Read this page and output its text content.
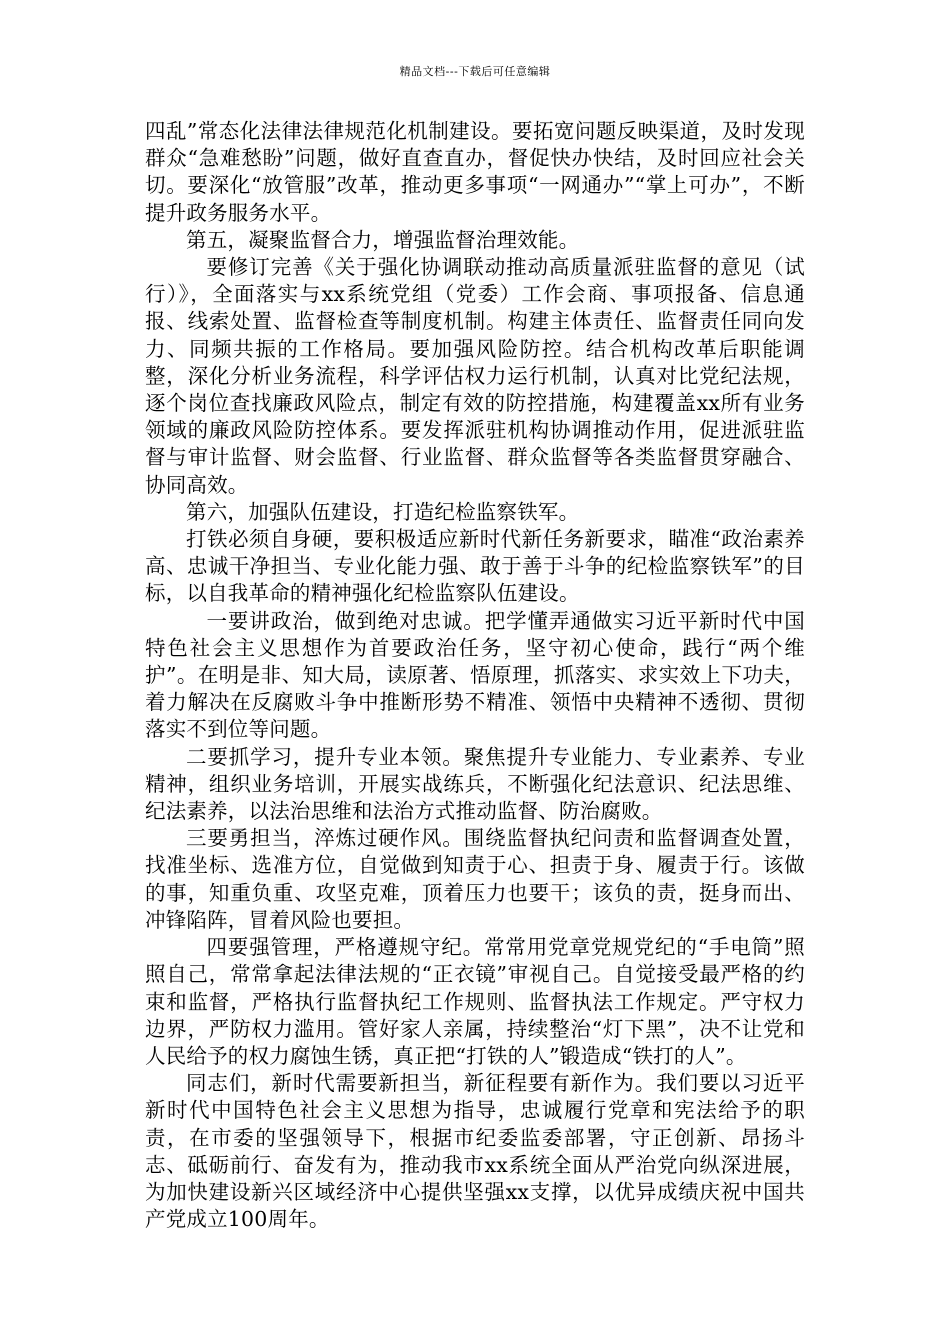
精品文档---下载后可任意编辑

四乱”常态化法律法律规范化机制建设。要拓宽问题反映渠道，及时发现群众“急难愁盼”问题，做好直查直办，督促快办快结，及时回应社会关切。要深化“放管服”改革，推动更多事项“一网通办”“掌上可办”，不断提升政务服务水平。

第五，凝聚监督合力，增强监督治理效能。

要修订完善《关于强化协调联动推动高质量派驻监督的意见（试行）》，全面落实与xx系统党组（党委）工作会商、事项报备、信息通报、线索处置、监督检查等制度机制。构建主体责任、监督责任同向发力、同频共振的工作格局。要加强风险防控。结合机构改革后职能调整，深化分析业务流程，科学评估权力运行机制，认真对比党纪法规，逐个岗位查找廉政风险点，制定有效的防控措施，构建覆盖xx所有业务领域的廉政风险防控体系。要发挥派驻机构协调推动作用，促进派驻监督与审计监督、财会监督、行业监督、群众监督等各类监督贯穿融合、协同高效。

第六，加强队伍建设，打造纪检监察铁军。

打铁必须自身硬，要积极适应新时代新任务新要求，瞄准“政治素养高、忠诚干净担当、专业化能力强、敢于善于斗争的纪检监察铁军”的目标，以自我革命的精神强化纪检监察队伍建设。

一要讲政治，做到绝对忠诚。把学懂弄通做实习近平新时代中国特色社会主义思想作为首要政治任务，坚守初心使命，践行“两个维护”。在明是非、知大局，读原著、悟原理，抓落实、求实效上下功夫，着力解决在反腐败斗争中推断形势不精准、领悟中央精神不透彻、贯彻落实不到位等问题。

二要抓学习，提升专业本领。聚焦提升专业能力、专业素养、专业精神，组织业务培训，开展实战练兵，不断强化纪法意识、纪法思维、纪法素养，以法治思维和法治方式推动监督、防治腐败。

三要勇担当，淬炼过硬作风。围绕监督执纪问责和监督调查处置，找准坐标、选准方位，自觉做到知责于心、担责于身、履责于行。该做的事，知重负重、攻坚克难，顶着压力也要干；该负的责，挺身而出、冲锋陷阵，冒着风险也要担。

四要强管理，严格遵规守纪。常常用党章党规党纪的“手电筒”照照自己，常常拿起法律法规的“正衣镜”审视自己。自觉接受最严格的约束和监督，严格执行监督执纪工作规则、监督执法工作规定。严守权力边界，严防权力滥用。管好家人亲属，持续整治“灯下黑”，决不让党和人民给予的权力腐蚀生锈，真正把“打铁的人”锻造成“铁打的人”。

同志们，新时代需要新担当，新征程要有新作为。我们要以习近平新时代中国特色社会主义思想为指导，忠诚履行党章和宪法给予的职责，在市委的坚强领导下，根据市纪委监委部署，守正创新、昂扬斗志、砥砺前行、奋发有为，推动我市xx系统全面从严治党向纵深进展，为加快建设新兴区域经济中心提供坚强xx支撑，以优异成绩庆祝中国共产党成立100周年。
